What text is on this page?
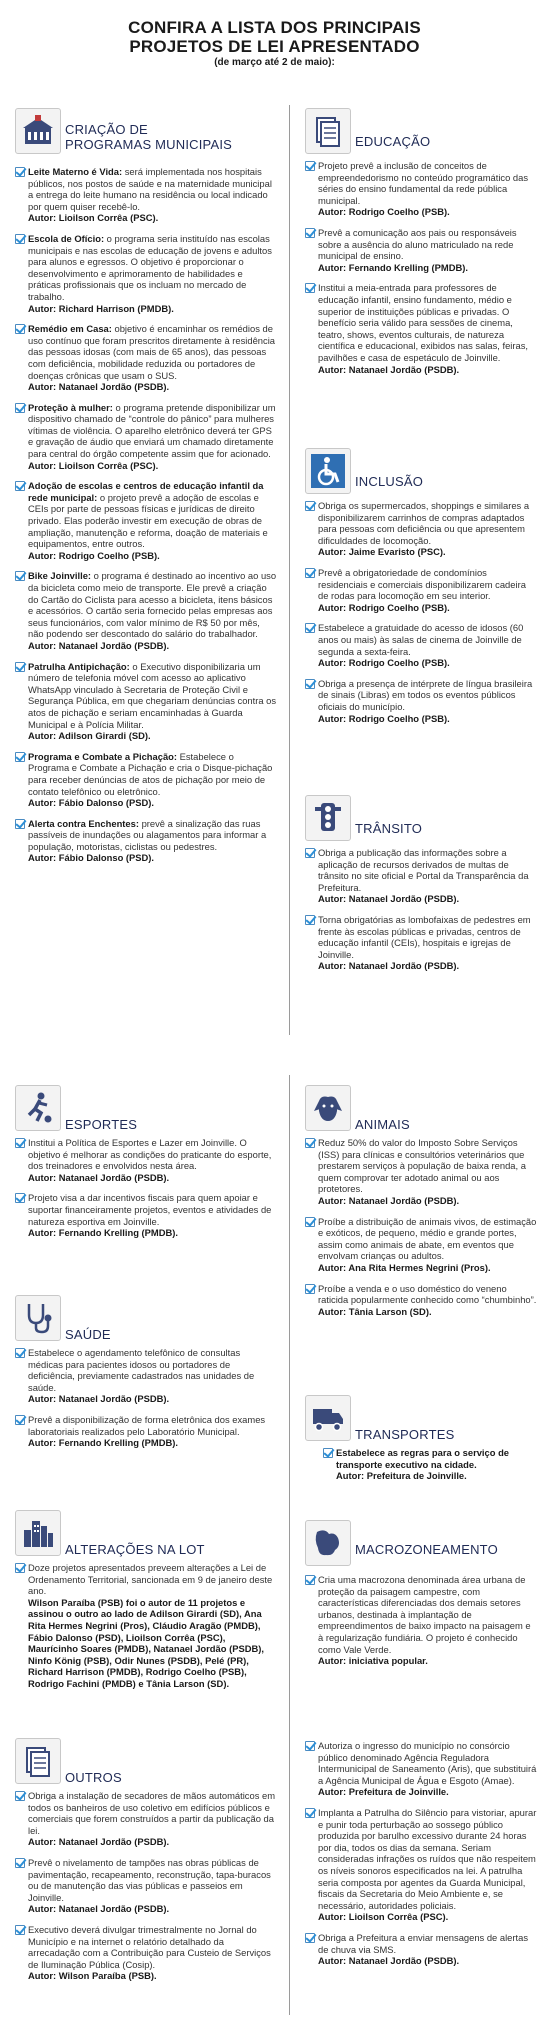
CONFIRA A LISTA DOS PRINCIPAIS
PROJETOS DE LEI APRESENTADO
(de março até 2 de maio):
CRIAÇÃO DE
PROGRAMAS MUNICIPAIS
Leite Materno é Vida: será implementada nos hospitais públicos, nos postos de saúde e na maternidade municipal a entrega do leite humano na residência ou local indicado por quem quiser recebê-lo.
Autor: Lioilson Corrêa (PSC).
Escola de Ofício: o programa seria instituído nas escolas municipais e nas escolas de educação de jovens e adultos para alunos e egressos. O objetivo é proporcionar o desenvolvimento e aprimoramento de habilidades e práticas profissionais que os incluam no mercado de trabalho.
Autor: Richard Harrison (PMDB).
Remédio em Casa: objetivo é encaminhar os remédios de uso contínuo que foram prescritos diretamente à residência das pessoas idosas (com mais de 65 anos), das pessoas com deficiência, mobilidade reduzida ou portadores de doenças crônicas que usam o SUS.
Autor: Natanael Jordão (PSDB).
Proteção à mulher: o programa pretende disponibilizar um dispositivo chamado de “controle do pânico” para mulheres vítimas de violência. O aparelho eletrônico deverá ter GPS e gravação de áudio que enviará um chamado diretamente para central do órgão competente assim que for acionado.
Autor: Lioilson Corrêa (PSC).
Adoção de escolas e centros de educação infantil da rede municipal: o projeto prevê a adoção de escolas e CEIs por parte de pessoas físicas e jurídicas de direito privado. Elas poderão investir em execução de obras de ampliação, manutenção e reforma, doação de materiais e equipamentos, entre outros.
Autor: Rodrigo Coelho (PSB).
Bike Joinville: o programa é destinado ao incentivo ao uso da bicicleta como meio de transporte. Ele prevê a criação do Cartão do Ciclista para acesso a bicicleta, itens básicos e acessórios. O cartão seria fornecido pelas empresas aos seus funcionários, com valor mínimo de R$ 50 por mês, não podendo ser descontado do salário do trabalhador.
Autor: Natanael Jordão (PSDB).
Patrulha Antipichação: o Executivo disponibilizaria um número de telefonia móvel com acesso ao aplicativo WhatsApp vinculado à Secretaria de Proteção Civil e Segurança Pública, em que chegariam denúncias contra os atos de pichação e seriam encaminhadas à Guarda Municipal e à Polícia Militar.
Autor: Adilson Girardi (SD).
Programa e Combate a Pichação: Estabelece o Programa e Combate a Pichação e cria o Disque-pichação para receber denúncias de atos de pichação por meio de contato telefônico ou eletrônico.
Autor: Fábio Dalonso (PSD).
Alerta contra Enchentes: prevê a sinalização das ruas passíveis de inundações ou alagamentos para informar a população, motoristas, ciclistas ou pedestres.
Autor: Fábio Dalonso (PSD).
EDUCAÇÃO
Projeto prevê a inclusão de conceitos de empreendedorismo no conteúdo programático das séries do ensino fundamental da rede pública municipal.
Autor: Rodrigo Coelho (PSB).
Prevê a comunicação aos pais ou responsáveis sobre a ausência do aluno matriculado na rede municipal de ensino.
Autor: Fernando Krelling (PMDB).
Institui a meia-entrada para professores de educação infantil, ensino fundamento, médio e superior de instituições públicas e privadas. O benefício seria válido para sessões de cinema, teatro, shows, eventos culturais, de natureza científica e educacional, exibidos nas salas, feiras, pavilhões e casa de espetáculo de Joinville.
Autor: Natanael Jordão (PSDB).
INCLUSÃO
Obriga os supermercados, shoppings e similares a disponibilizarem carrinhos de compras adaptados para pessoas com deficiência ou que apresentem dificuldades de locomoção.
Autor: Jaime Evaristo (PSC).
Prevê a obrigatoriedade de condomínios residenciais e comerciais disponibilizarem cadeira de rodas para locomoção em seu interior.
Autor: Rodrigo Coelho (PSB).
Estabelece a gratuidade do acesso de idosos (60 anos ou mais) às salas de cinema de Joinville de segunda a sexta-feira.
Autor: Rodrigo Coelho (PSB).
Obriga a presença de intérprete de língua brasileira de sinais (Libras) em todos os eventos públicos oficiais do município.
Autor: Rodrigo Coelho (PSB).
TRÂNSITO
Obriga a publicação das informações sobre a aplicação de recursos derivados de multas de trânsito no site oficial e Portal da Transparência da Prefeitura.
Autor: Natanael Jordão (PSDB).
Torna obrigatórias as lombofaixas de pedestres em frente às escolas públicas e privadas, centros de educação infantil (CEIs), hospitais e igrejas de Joinville.
Autor: Natanael Jordão (PSDB).
ESPORTES
Institui a Política de Esportes e Lazer em Joinville. O objetivo é melhorar as condições do praticante do esporte, dos treinadores e envolvidos nesta área.
Autor: Natanael Jordão (PSDB).
Projeto visa a dar incentivos fiscais para quem apoiar e suportar financeiramente projetos, eventos e atividades de natureza esportiva em Joinville.
Autor: Fernando Krelling (PMDB).
ANIMAIS
Reduz 50% do valor do Imposto Sobre Serviços (ISS) para clínicas e consultórios veterinários que prestarem serviços à população de baixa renda, a quem comprovar ter adotado animal ou aos protetores.
Autor: Natanael Jordão (PSDB).
Proíbe a distribuição de animais vivos, de estimação e exóticos, de pequeno, médio e grande portes, assim como animais de abate, em eventos que envolvam crianças ou adultos.
Autor: Ana Rita Hermes Negrini (Pros).
Proíbe a venda e o uso doméstico do veneno raticida popularmente conhecido como “chumbinho”.
Autor: Tânia Larson (SD).
SAÚDE
Estabelece o agendamento telefônico de consultas médicas para pacientes idosos ou portadores de deficiência, previamente cadastrados nas unidades de saúde.
Autor: Natanael Jordão (PSDB).
Prevê a disponibilização de forma eletrônica dos exames laboratoriais realizados pelo Laboratório Municipal.
Autor: Fernando Krelling (PMDB).
TRANSPORTES
Estabelece as regras para o serviço de transporte executivo na cidade.
Autor: Prefeitura de Joinville.
ALTERAÇÕES NA LOT
Doze projetos apresentados preveem alterações a Lei de Ordenamento Territorial, sancionada em 9 de janeiro deste ano.
Wilson Paraíba (PSB) foi o autor de 11 projetos e assinou o outro ao lado de Adilson Girardi (SD), Ana Rita Hermes Negrini (Pros), Cláudio Aragão (PMDB), Fábio Dalonso (PSD), Lioilson Corrêa (PSC), Maurícinho Soares (PMDB), Natanael Jordão (PSDB), Ninfo König (PSB), Odir Nunes (PSDB), Pelé (PR), Richard Harrison (PMDB), Rodrigo Coelho (PSB), Rodrigo Fachini (PMDB) e Tânia Larson (SD).
MACROZONEAMENTO
Cria uma macrozona denominada área urbana de proteção da paisagem campestre, com características diferenciadas dos demais setores urbanos, destinada à implantação de empreendimentos de baixo impacto na paisagem e à regularização fundiária. O projeto é conhecido como Vale Verde.
Autor: iniciativa popular.
OUTROS
Obriga a instalação de secadores de mãos automáticos em todos os banheiros de uso coletivo em edifícios públicos e comerciais que forem construídos a partir da publicação da lei.
Autor: Natanael Jordão (PSDB).
Prevê o nivelamento de tampões nas obras públicas de pavimentação, recapeamento, reconstrução, tapa-buracos ou de manutenção das vias públicas e passeios em Joinville.
Autor: Natanael Jordão (PSDB).
Executivo deverá divulgar trimestralmente no Jornal do Município e na internet o relatório detalhado da arrecadação com a Contribuição para Custeio de Serviços de Iluminação Pública (Cosip).
Autor: Wilson Paraíba (PSB).
Autoriza o ingresso do município no consórcio público denominado Agência Reguladora Intermunicipal de Saneamento (Aris), que substituirá a Agência Municipal de Água e Esgoto (Amae).
Autor: Prefeitura de Joinville.
Implanta a Patrulha do Silêncio para vistoriar, apurar e punir toda perturbação ao sossego público produzida por barulho excessivo durante 24 horas por dia, todos os dias da semana. Seriam consideradas infrações os ruídos que não respeitem os níveis sonoros especificados na lei. A patrulha seria composta por agentes da Guarda Municipal, fiscais da Secretaria do Meio Ambiente e, se necessário, autoridades policiais.
Autor: Lioilson Corrêa (PSC).
Obriga a Prefeitura a enviar mensagens de alertas de chuva via SMS.
Autor: Natanael Jordão (PSDB).
